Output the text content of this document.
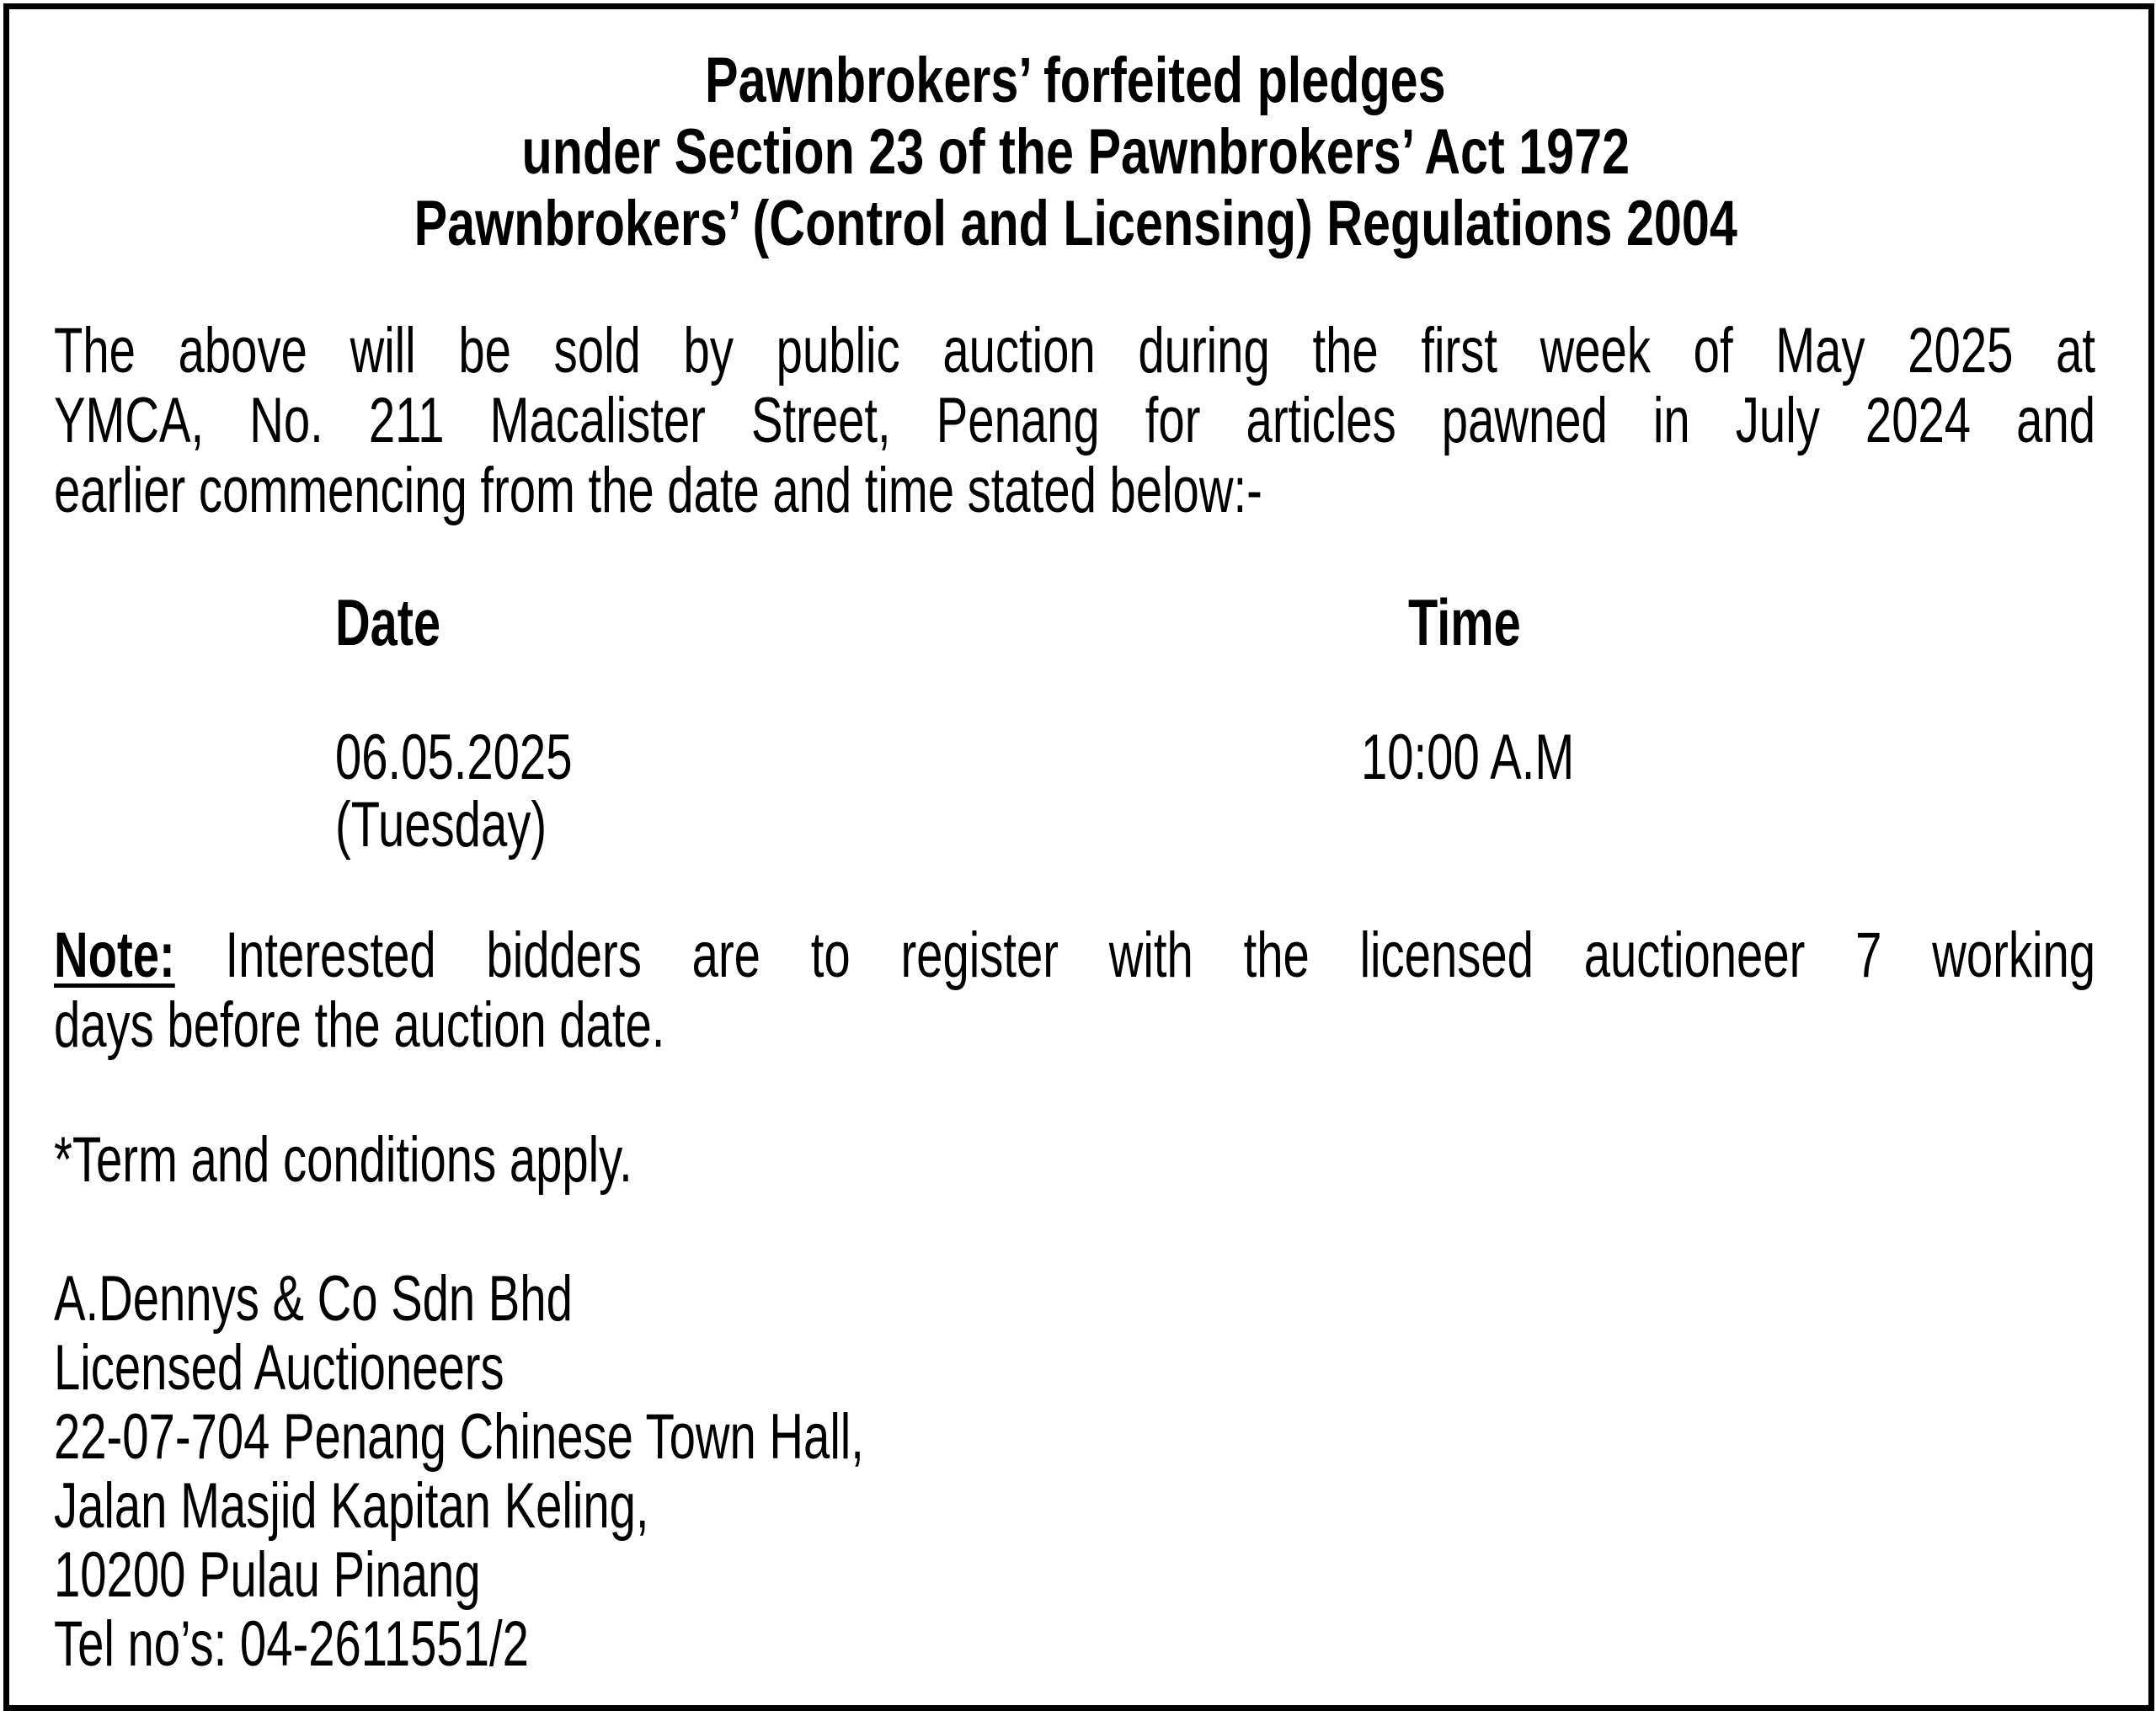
Pawnbrokers’ forfeited pledges
under Section 23 of the Pawnbrokers’ Act 1972
Pawnbrokers’ (Control and Licensing) Regulations 2004
The above will be sold by public auction during the first week of May 2025 at
YMCA, No. 211 Macalister Street, Penang for articles pawned in July 2024 and
earlier commencing from the date and time stated below:-
Date	Time
06.05.2025
(Tuesday)
10:00 A.M
Note: Interested bidders are to register with the licensed auctioneer 7 working
days before the auction date.
*Term and conditions apply.
A.Dennys & Co Sdn Bhd
Licensed Auctioneers
22-07-704 Penang Chinese Town Hall,
Jalan Masjid Kapitan Keling,
10200 Pulau Pinang
Tel no’s: 04-2611551/2
